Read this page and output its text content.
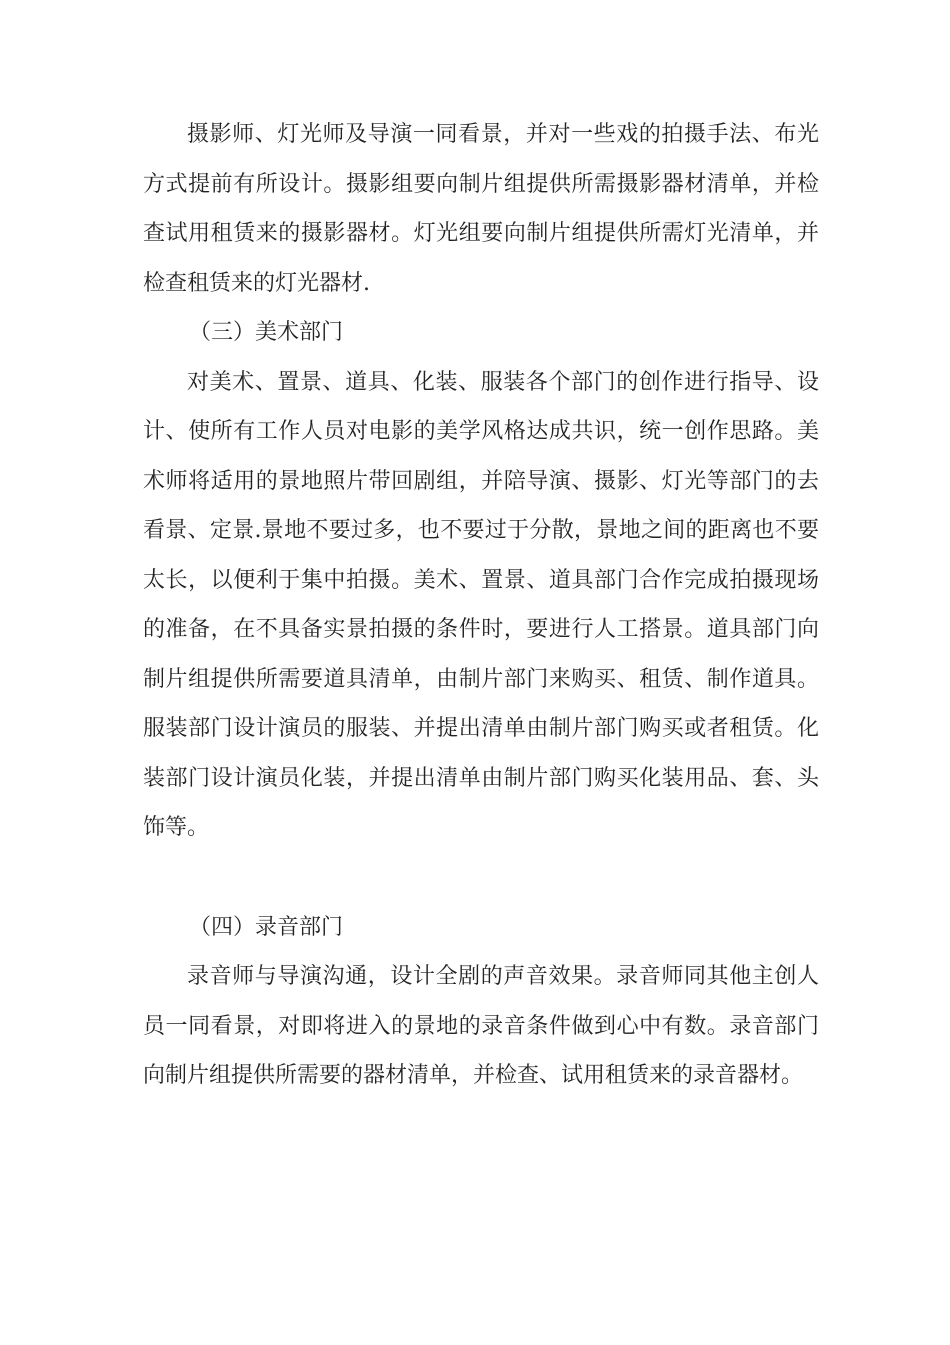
摄影师、灯光师及导演一同看景，并对一些戏的拍摄手法、布光方式提前有所设计。摄影组要向制片组提供所需摄影器材清单，并检查试用租赁来的摄影器材。灯光组要向制片组提供所需灯光清单，并检查租赁来的灯光器材.

（三）美术部门

对美术、置景、道具、化装、服装各个部门的创作进行指导、设计、使所有工作人员对电影的美学风格达成共识，统一创作思路。美术师将适用的景地照片带回剧组，并陪导演、摄影、灯光等部门的去看景、定景.景地不要过多，也不要过于分散，景地之间的距离也不要太长，以便利于集中拍摄。美术、置景、道具部门合作完成拍摄现场的准备，在不具备实景拍摄的条件时，要进行人工搭景。道具部门向制片组提供所需要道具清单，由制片部门来购买、租赁、制作道具。服装部门设计演员的服装、并提出清单由制片部门购买或者租赁。化装部门设计演员化装，并提出清单由制片部门购买化装用品、套、头饰等。

（四）录音部门

录音师与导演沟通，设计全剧的声音效果。录音师同其他主创人员一同看景，对即将进入的景地的录音条件做到心中有数。录音部门向制片组提供所需要的器材清单，并检查、试用租赁来的录音器材。
